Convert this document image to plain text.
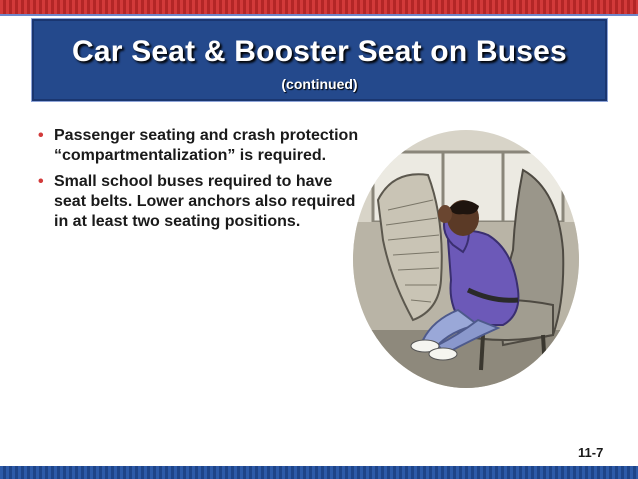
Car Seat & Booster Seat on Buses
(continued)
• Passenger seating and crash protection “compartmentalization” is required.
• Small school buses required to have seat belts. Lower anchors also required in at least two seating positions.
11-7
